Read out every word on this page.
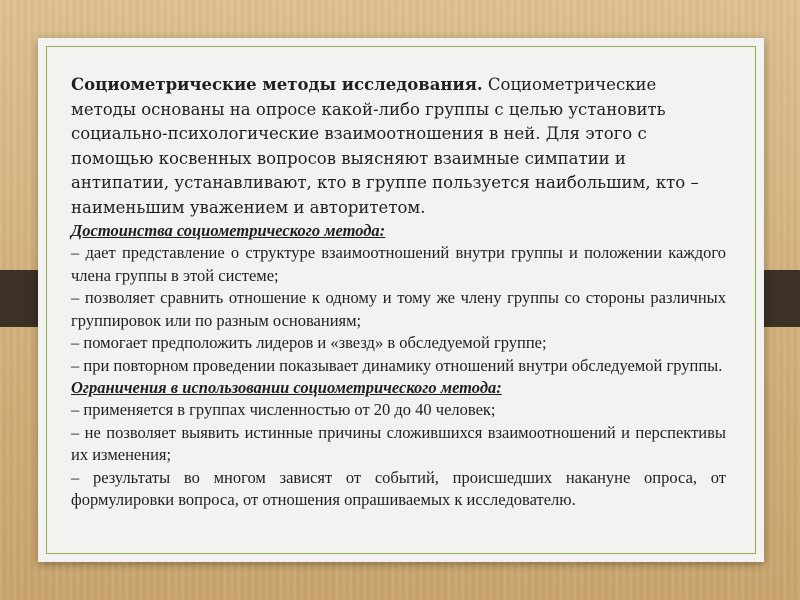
Социометрические методы исследования. Социометрические методы основаны на опросе какой-либо группы с целью установить социально-психологические взаимоотношения в ней. Для этого с помощью косвенных вопросов выясняют взаимные симпатии и антипатии, устанавливают, кто в группе пользуется наибольшим, кто – наименьшим уважением и авторитетом.

Достоинства социометрического метода:

– дает представление о структуре взаимоотношений внутри группы и положении каждого члена группы в этой системе;

– позволяет сравнить отношение к одному и тому же члену группы со стороны различных группировок или по разным основаниям;

– помогает предположить лидеров и «звезд» в обследуемой группе;

– при повторном проведении показывает динамику отношений внутри обследуемой группы.

Ограничения в использовании социометрического метода:

– применяется в группах численностью от 20 до 40 человек;

– не позволяет выявить истинные причины сложившихся взаимоотношений и перспективы их изменения;

– результаты во многом зависят от событий, происшедших накануне опроса, от формулировки вопроса, от отношения опрашиваемых к исследователю.
